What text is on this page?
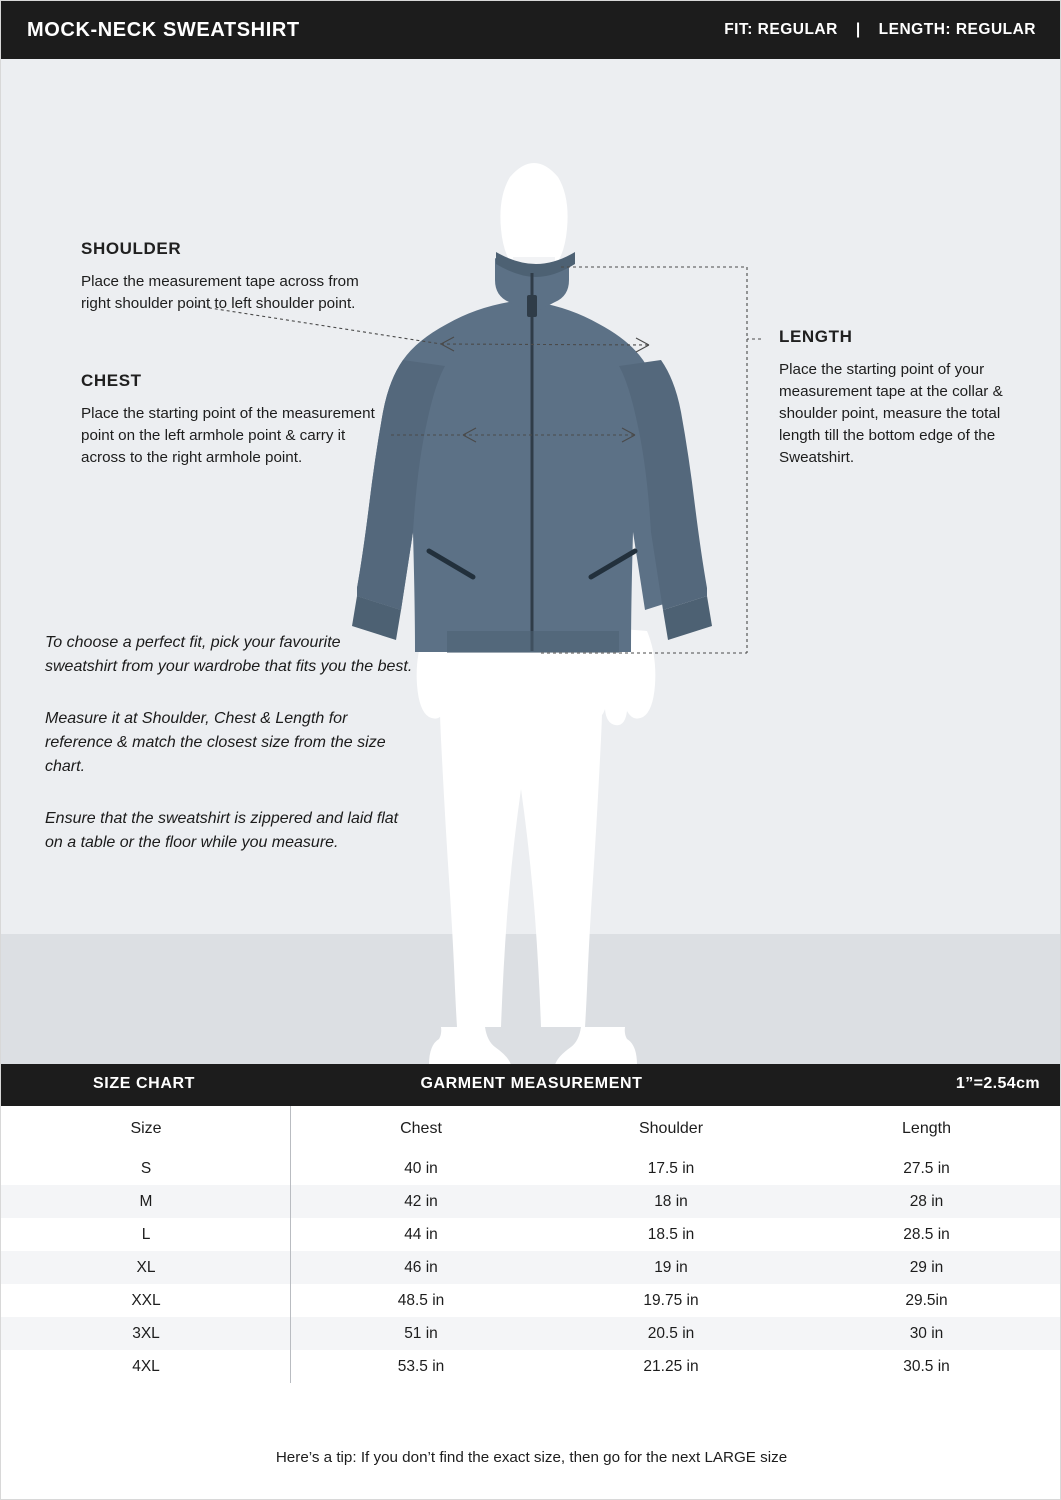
MOCK-NECK SWEATSHIRT	FIT: REGULAR | LENGTH: REGULAR
SHOULDER

Place the measurement tape across from right shoulder point to left shoulder point.

CHEST

Place the starting point of the measurement point on the left armhole point & carry it across to the right armhole point.

LENGTH

Place the starting point of your measurement tape at the collar & shoulder point, measure the total length till the bottom edge of the Sweatshirt.

To choose a perfect fit, pick your favourite sweatshirt from your wardrobe that fits you the best.

Measure it at Shoulder, Chest & Length for reference & match the closest size from the size chart.

Ensure that the sweatshirt is zippered and laid flat on a table or the floor while you measure.

SIZE CHART	GARMENT MEASUREMENT	1”=2.54cm
Size	Chest	Shoulder	Length
S	40 in	17.5 in	27.5 in
M	42 in	18 in	28 in
L	44 in	18.5 in	28.5 in
XL	46 in	19 in	29 in
XXL	48.5 in	19.75 in	29.5in
3XL	51 in	20.5 in	30 in
4XL	53.5 in	21.25 in	30.5 in
Here’s a tip: If you don’t find the exact size, then go for the next LARGE size
